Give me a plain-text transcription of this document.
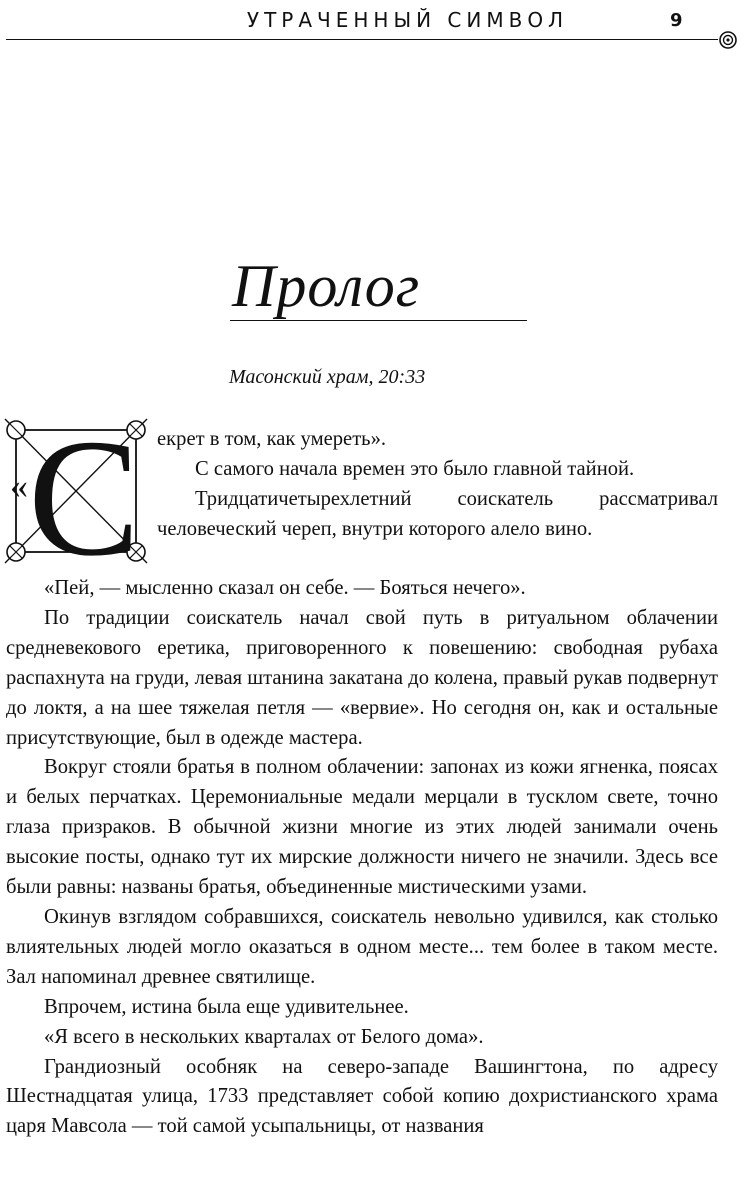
УТРАЧЕННЫЙ СИМВОЛ	9
Пролог
Масонский храм, 20:33
С
«

екрет в том, как умереть».

С самого начала времен это было главной тайной.

Тридцатичетырехлетний соискатель рассматривал человеческий череп, внутри которого алело вино.

«Пей, — мысленно сказал он себе. — Бояться нечего».

По традиции соискатель начал свой путь в ритуальном облачении средневекового еретика, приговоренного к повешению: свободная рубаха распахнута на груди, левая штанина закатана до колена, правый рукав подвернут до локтя, а на шее тяжелая петля — «вервие». Но сегодня он, как и остальные присутствующие, был в одежде мастера.

Вокруг стояли братья в полном облачении: запонах из кожи ягненка, поясах и белых перчатках. Церемониальные медали мерцали в тусклом свете, точно глаза призраков. В обычной жизни многие из этих людей занимали очень высокие посты, однако тут их мирские должности ничего не значили. Здесь все были равны: названы братья, объединенные мистическими узами.

Окинув взглядом собравшихся, соискатель невольно удивился, как столько влиятельных людей могло оказаться в одном месте... тем более в таком месте. Зал напоминал древнее святилище.

Впрочем, истина была еще удивительнее.

«Я всего в нескольких кварталах от Белого дома».

Грандиозный особняк на северо-западе Вашингтона, по адресу Шестнадцатая улица, 1733 представляет собой копию дохристианского храма царя Мавсола — той самой усыпальницы, от названия
